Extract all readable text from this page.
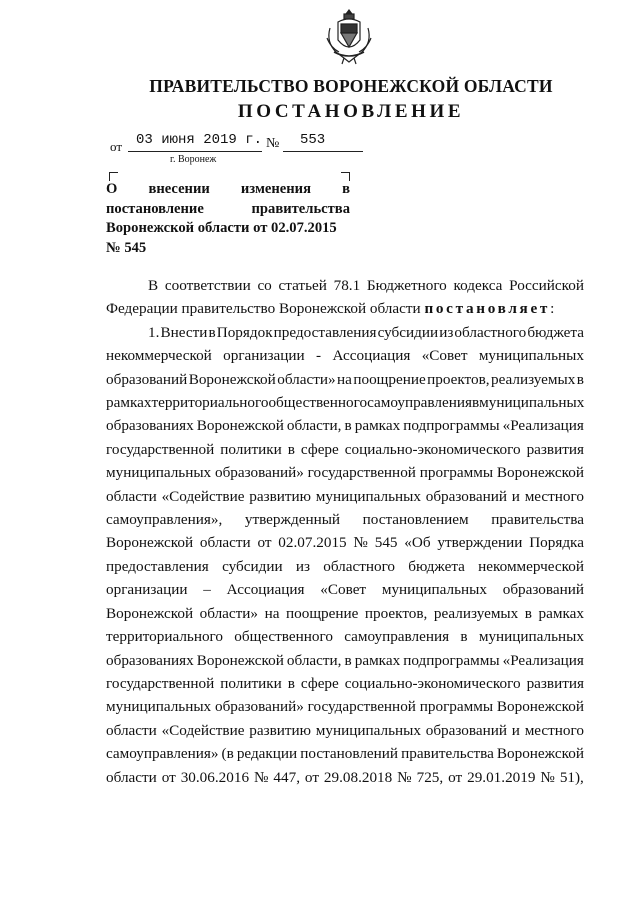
ПРАВИТЕЛЬСТВО ВОРОНЕЖСКОЙ ОБЛАСТИ
ПОСТАНОВЛЕНИЕ
от 03 июня 2019 г. № 553
г. Воронеж
О внесении изменения в
постановление	правительства
Воронежской области от 02.07.2015
№ 545
В соответствии со статьей 78.1 Бюджетного кодекса Российской
Федерации правительство Воронежской области постановляет:
1. Внести в Порядок предоставления субсидии из областного бюджета
некоммерческой организации - Ассоциация «Совет муниципальных
образований Воронежской области» на поощрение проектов, реализуемых в
рамках территориального общественного самоуправления в муниципальных
образованиях Воронежской области, в рамках подпрограммы «Реализация
государственной политики в сфере социально-экономического развития
муниципальных образований» государственной программы Воронежской
области «Содействие развитию муниципальных образований и местного
самоуправления», утвержденный постановлением правительства
Воронежской области от 02.07.2015 № 545 «Об утверждении Порядка
предоставления субсидии из областного бюджета некоммерческой
организации – Ассоциация «Совет муниципальных образований
Воронежской области» на поощрение проектов, реализуемых в рамках
территориального общественного самоуправления в муниципальных
образованиях Воронежской области, в рамках подпрограммы «Реализация
государственной политики в сфере социально-экономического развития
муниципальных образований» государственной программы Воронежской
области «Содействие развитию муниципальных образований и местного
самоуправления» (в редакции постановлений правительства Воронежской
области от 30.06.2016 № 447, от 29.08.2018 № 725, от 29.01.2019 № 51),
